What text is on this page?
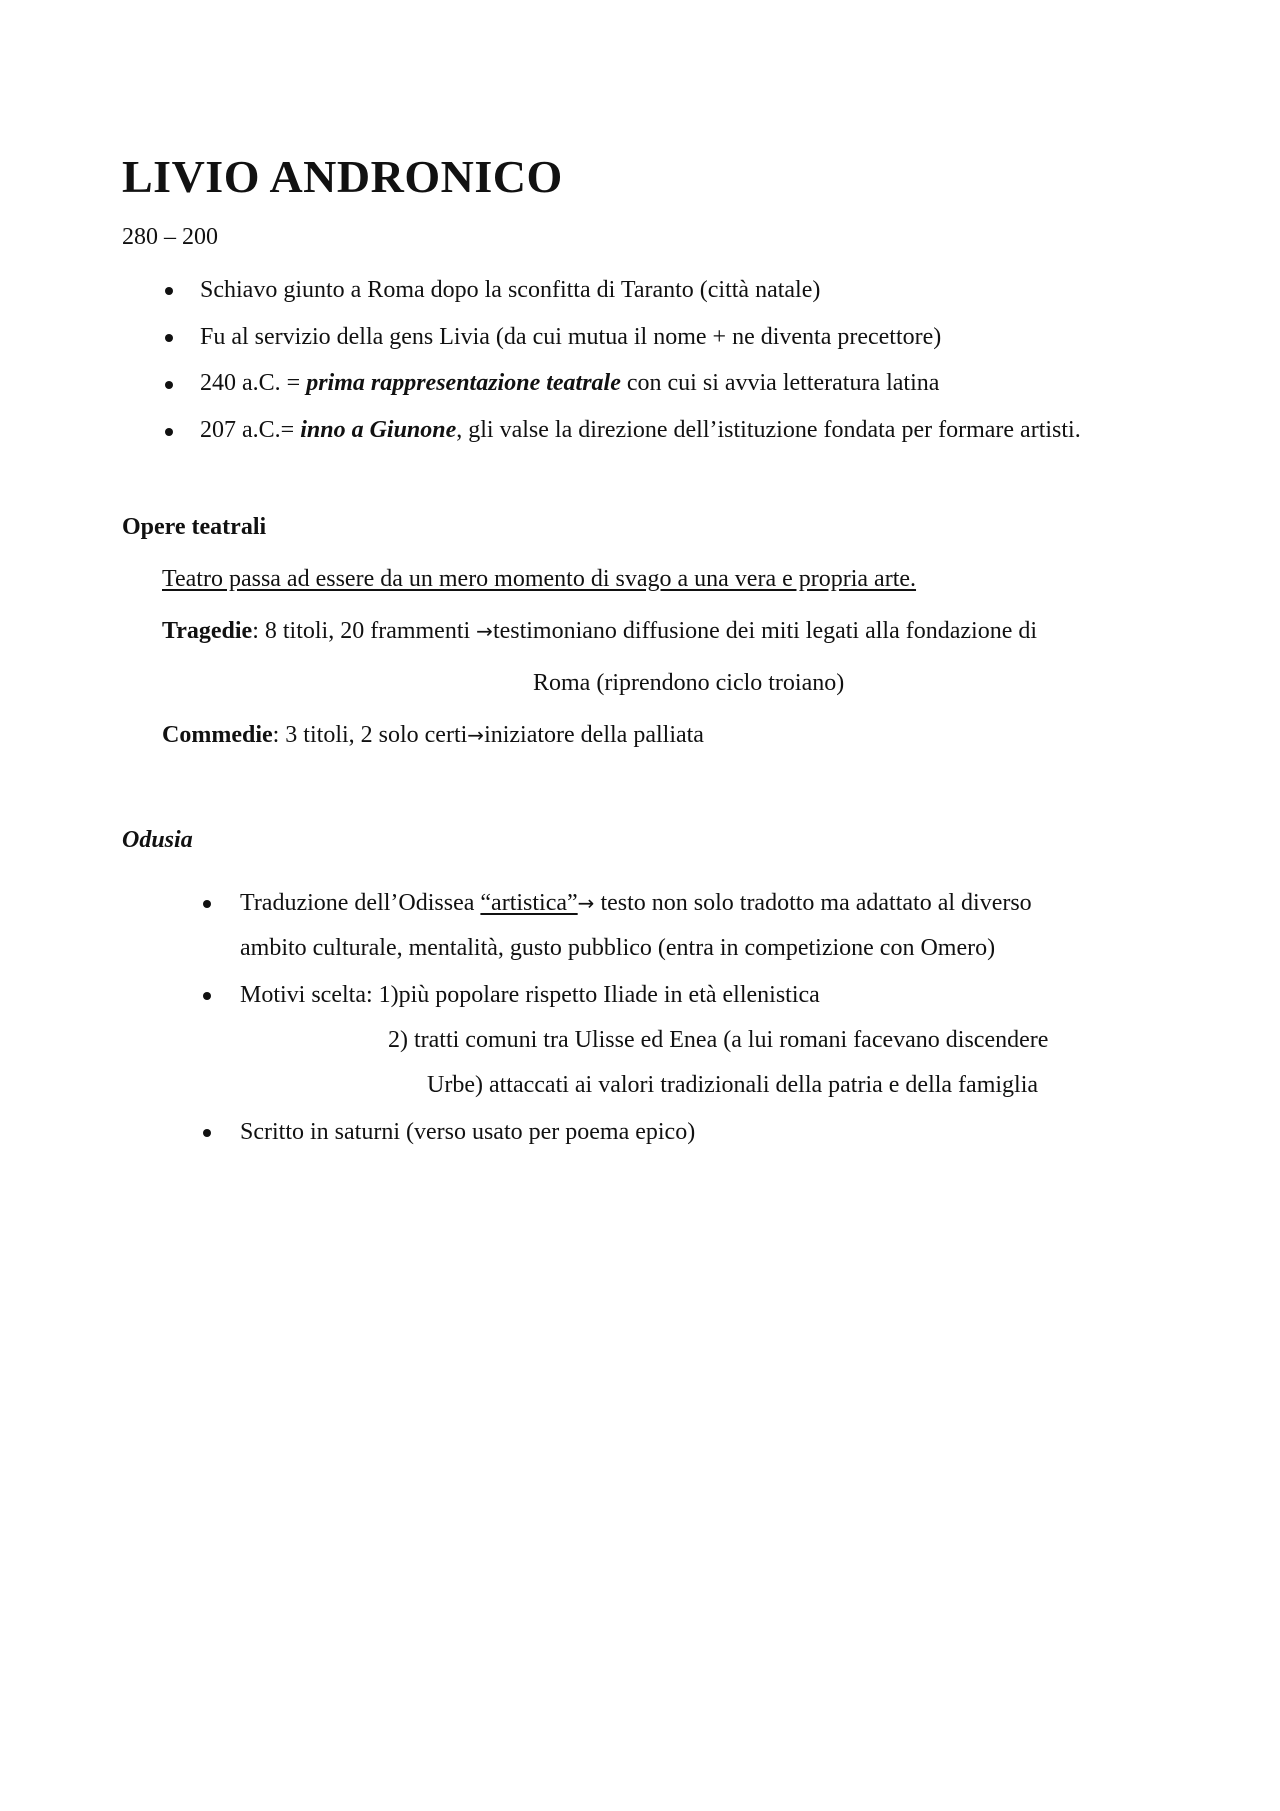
LIVIO ANDRONICO
280 – 200
Schiavo giunto a Roma dopo la sconfitta di Taranto (città natale)
Fu al servizio della gens Livia (da cui mutua il nome + ne diventa precettore)
240 a.C. = prima rappresentazione teatrale con cui si avvia letteratura latina
207 a.C.= inno a Giunone, gli valse la direzione dell’istituzione fondata per formare artisti.
Opere teatrali
Teatro passa ad essere da un mero momento di svago a una vera e propria arte.
Tragedie: 8 titoli, 20 frammenti →testimoniano diffusione dei miti legati alla fondazione di
Roma (riprendono ciclo troiano)
Commedie: 3 titoli, 2 solo certi→iniziatore della palliata
Odusia
Traduzione dell’Odissea “artistica”→ testo non solo tradotto ma adattato al diverso
ambito culturale, mentalità, gusto pubblico (entra in competizione con Omero)
Motivi scelta: 1)più popolare rispetto Iliade in età ellenistica
2) tratti comuni tra Ulisse ed Enea (a lui romani facevano discendere
Urbe) attaccati ai valori tradizionali della patria e della famiglia
Scritto in saturni (verso usato per poema epico)
